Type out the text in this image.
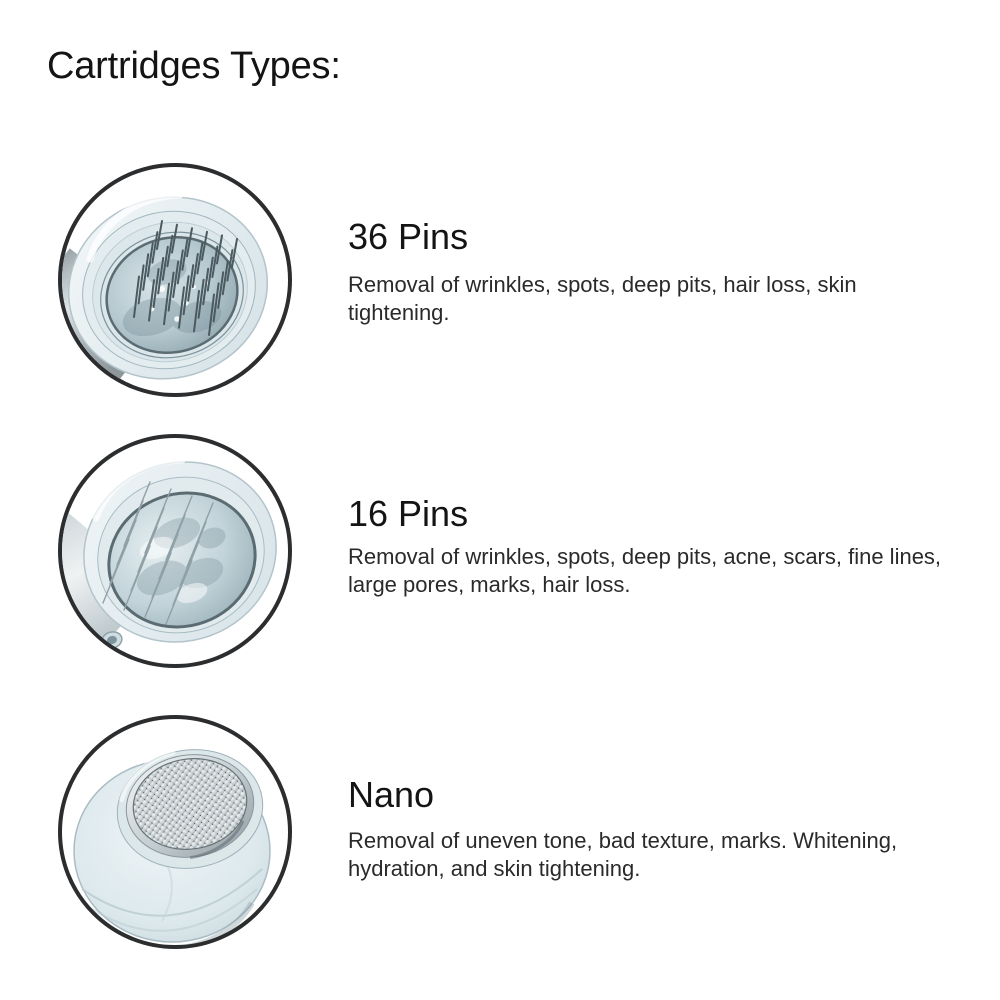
Cartridges Types:
36 Pins
Removal of wrinkles, spots, deep pits, hair loss, skin
tightening.
16 Pins
Removal of wrinkles, spots, deep pits, acne, scars, fine lines,
large pores, marks, hair loss.
Nano
Removal of uneven tone, bad texture, marks. Whitening,
hydration, and skin tightening.
